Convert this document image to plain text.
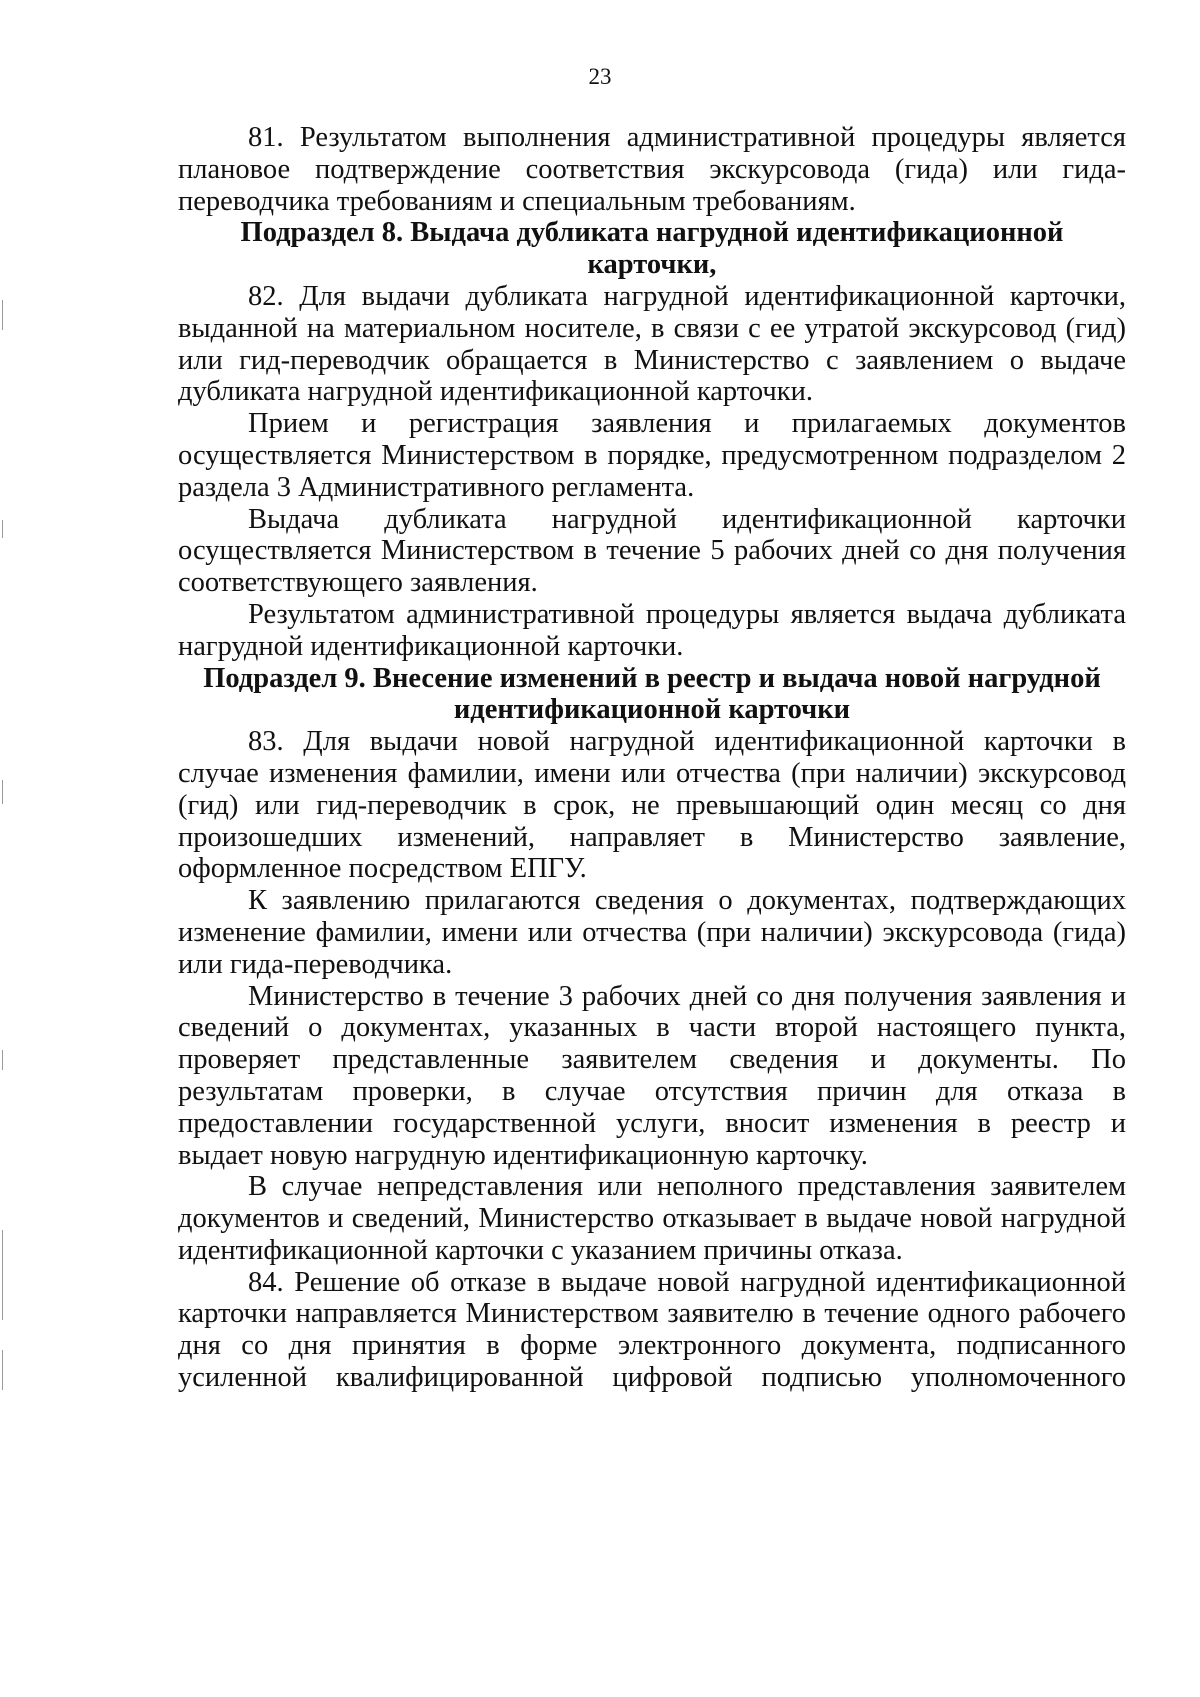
23

81. Результатом выполнения административной процедуры является плановое подтверждение соответствия экскурсовода (гида) или гида-переводчика требованиям и специальным требованиям.

Подраздел 8. Выдача дубликата нагрудной идентификационной карточки,

82. Для выдачи дубликата нагрудной идентификационной карточки, выданной на материальном носителе, в связи с ее утратой экскурсовод (гид) или гид-переводчик обращается в Министерство с заявлением о выдаче дубликата нагрудной идентификационной карточки.

Прием и регистрация заявления и прилагаемых документов осуществляется Министерством в порядке, предусмотренном подразделом 2 раздела 3 Административного регламента.

Выдача дубликата нагрудной идентификационной карточки осуществляется Министерством в течение 5 рабочих дней со дня получения соответствующего заявления.

Результатом административной процедуры является выдача дубликата нагрудной идентификационной карточки.

Подраздел 9. Внесение изменений в реестр и выдача новой нагрудной идентификационной карточки

83. Для выдачи новой нагрудной идентификационной карточки в случае изменения фамилии, имени или отчества (при наличии) экскурсовод (гид) или гид-переводчик в срок, не превышающий один месяц со дня произошедших изменений, направляет в Министерство заявление, оформленное посредством ЕПГУ.

К заявлению прилагаются сведения о документах, подтверждающих изменение фамилии, имени или отчества (при наличии) экскурсовода (гида) или гида-переводчика.

Министерство в течение 3 рабочих дней со дня получения заявления и сведений о документах, указанных в части второй настоящего пункта, проверяет представленные заявителем сведения и документы. По результатам проверки, в случае отсутствия причин для отказа в предоставлении государственной услуги, вносит изменения в реестр и выдает новую нагрудную идентификационную карточку.

В случае непредставления или неполного представления заявителем документов и сведений, Министерство отказывает в выдаче новой нагрудной идентификационной карточки с указанием причины отказа.

84. Решение об отказе в выдаче новой нагрудной идентификационной карточки направляется Министерством заявителю в течение одного рабочего дня со дня принятия в форме электронного документа, подписанного усиленной квалифицированной цифровой подписью уполномоченного
